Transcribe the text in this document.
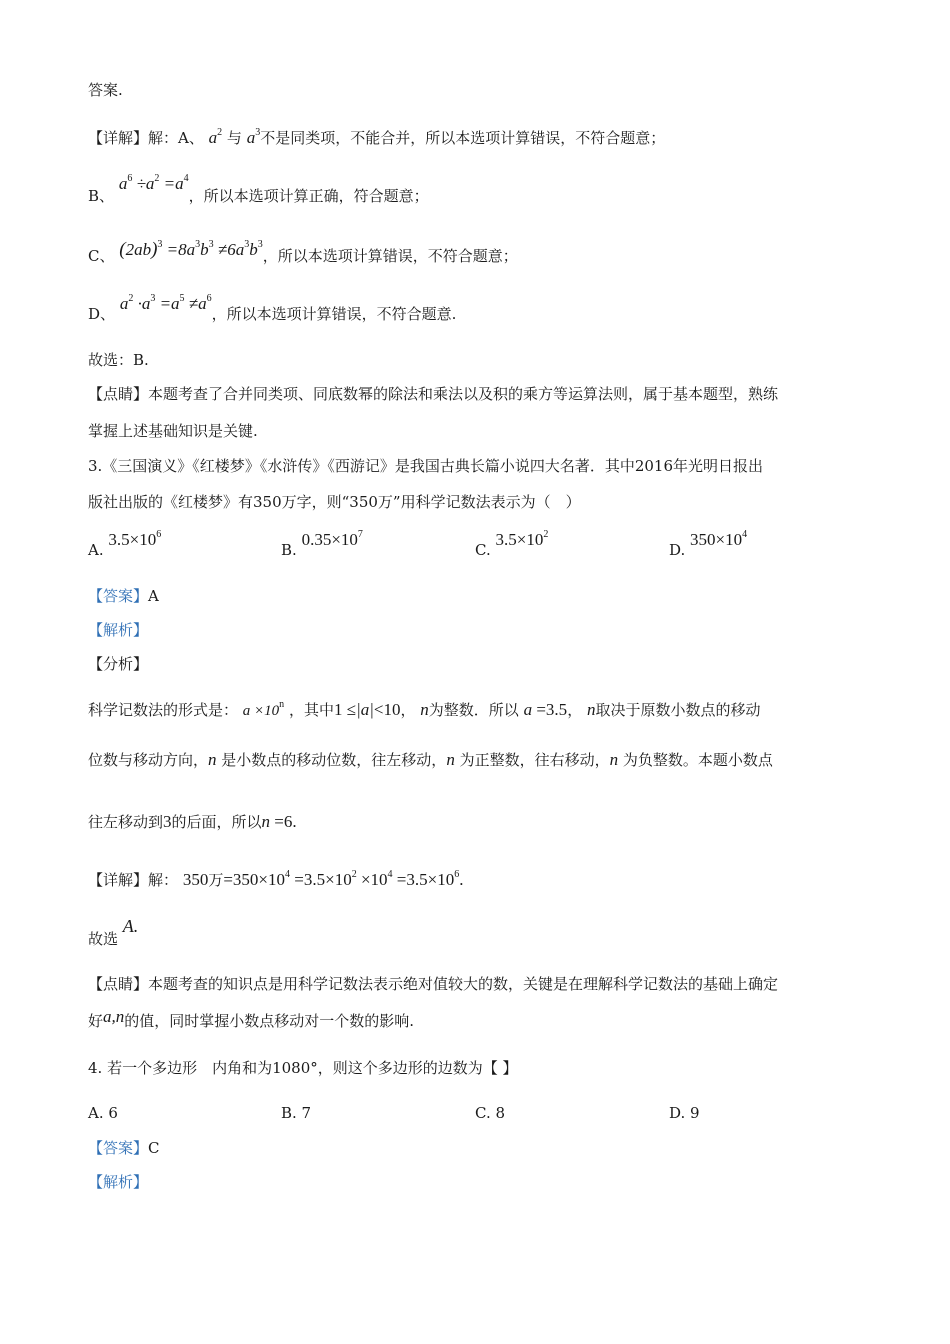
答案.
【详解】解：A、 $a^2$ 与 $a^3$不是同类项，不能合并，所以本选项计算错误，不符合题意；
B、 $a^6 \div a^2 =a^4$，所以本选项计算正确，符合题意；
C、 $(2ab)^3 =8a^3b^3 \ne 6a^3b^3$，所以本选项计算错误，不符合题意；
D、 $a^2 \cdot a^3 =a^5 \ne a^6$，所以本选项计算错误，不符合题意.
故选：B.
【点睛】本题考查了合并同类项、同底数幂的除法和乘法以及积的乘方等运算法则，属于基本题型，熟练
掌握上述基础知识是关键.
3.《三国演义》《红楼梦》《水浒传》《西游记》是我国古典长篇小说四大名著．其中2016年光明日报出
版社出版的《红楼梦》有350万字，则“350万”用科学记数法表示为（　）
A. $3.5\times 10^6$
B. $0.35\times 10^7$
C. $3.5\times 10^2$
D. $350\times 10^4$
【答案】A
【解析】
【分析】
科学记数法的形式是： $a \times 10^n$ ，其中1 ≤|a|<10， n为整数．所以 a =3.5， n取决于原数小数点的移动
位数与移动方向，n 是小数点的移动位数，往左移动，n 为正整数，往右移动，n 为负整数。本题小数点
往左移动到3的后面，所以n =6.
【详解】解： 350万$=350\times 10^4 =3.5\times 10^2 \times 10^4 =3.5\times 10^6$.
故选 A.
【点睛】本题考查的知识点是用科学记数法表示绝对值较大的数，关键是在理解科学记数法的基础上确定
好a,n的值，同时掌握小数点移动对一个数的影响.
4. 若一个多边形　内角和为1080°，则这个多边形的边数为【 】
A. 6	B. 7	C. 8	D. 9
【答案】C
【解析】
